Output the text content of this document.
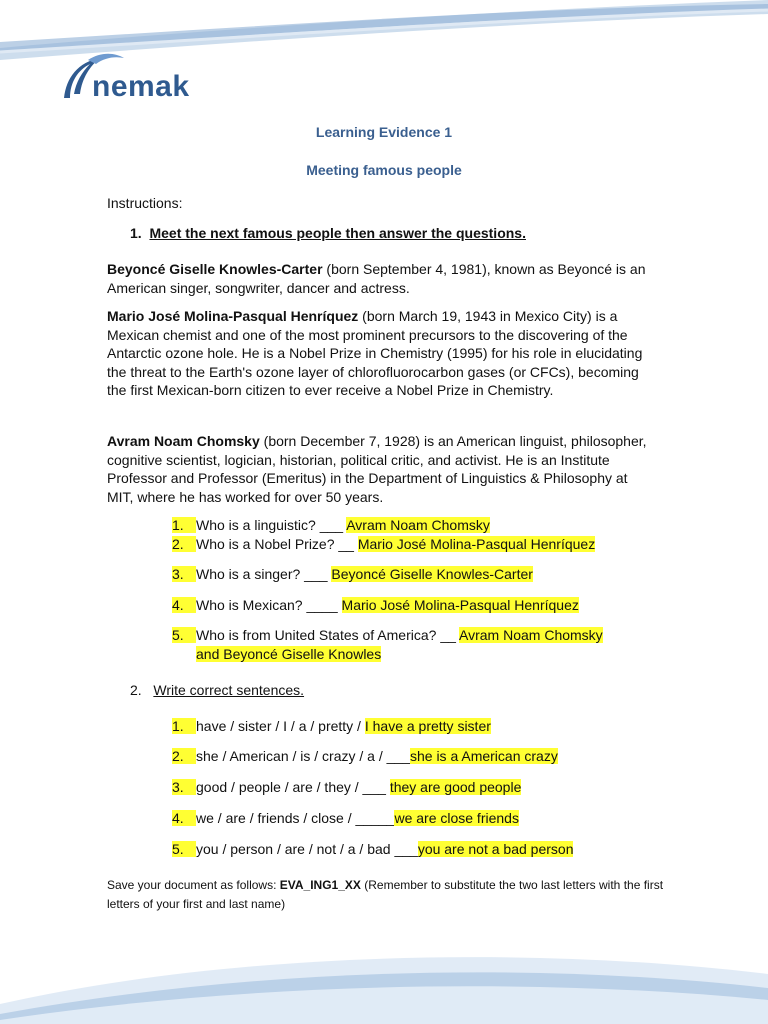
nemak
Learning Evidence 1
Meeting famous people
Instructions:
1. Meet the next famous people then answer the questions.
Beyoncé Giselle Knowles-Carter (born September 4, 1981), known as Beyoncé is an American singer, songwriter, dancer and actress.
Mario José Molina-Pasqual Henríquez (born March 19, 1943 in Mexico City) is a Mexican chemist and one of the most prominent precursors to the discovering of the Antarctic ozone hole. He is a Nobel Prize in Chemistry (1995) for his role in elucidating the threat to the Earth's ozone layer of chlorofluorocarbon gases (or CFCs), becoming the first Mexican-born citizen to ever receive a Nobel Prize in Chemistry.
Avram Noam Chomsky (born December 7, 1928) is an American linguist, philosopher, cognitive scientist, logician, historian, political critic, and activist. He is an Institute Professor and Professor (Emeritus) in the Department of Linguistics & Philosophy at MIT, where he has worked for over 50 years.
1. Who is a linguistic? ___ Avram Noam Chomsky
2. Who is a Nobel Prize? __ Mario José Molina-Pasqual Henríquez
3. Who is a singer? ___ Beyoncé Giselle Knowles-Carter
4. Who is Mexican? ____ Mario José Molina-Pasqual Henríquez
5. Who is from United States of America? __ Avram Noam Chomsky
and Beyoncé Giselle Knowles
2. Write correct sentences.
1. have / sister / I / a / pretty / I have a pretty sister
2. she / American / is / crazy / a / ___she is a American crazy
3. good / people / are / they / ___ they are good people
4. we / are / friends / close / _____we are close friends
5. you / person / are / not / a / bad ___you are not a bad person
Save your document as follows: EVA_ING1_XX (Remember to substitute the two last letters with the first letters of your first and last name)
